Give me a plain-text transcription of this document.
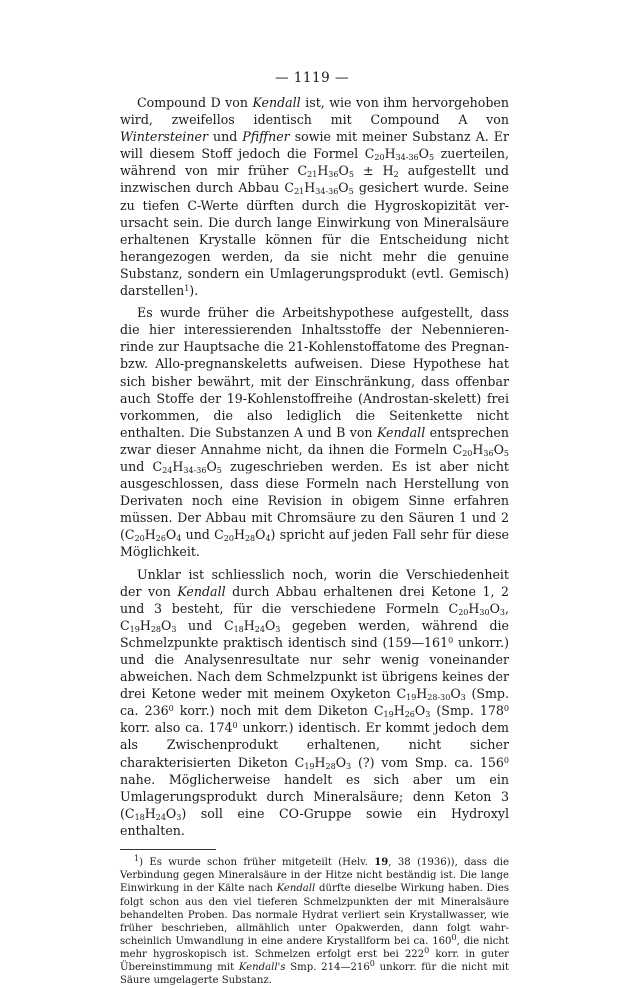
— 1119 —

Compound D von Kendall ist, wie von ihm hervorgehoben wird, zweifellos identisch mit Compound A von Wintersteiner und Pfiffner sowie mit meiner Substanz A. Er will diesem Stoff jedoch die Formel $C_{20}H_{34-36}O_5$ zuerteilen, während von mir früher $C_{21}H_{36}O_5 \pm H_2$ aufgestellt und inzwischen durch Abbau $C_{21}H_{34-36}O_5$ gesichert wurde. Seine zu tiefen C-Werte dürften durch die Hygroskopizität verursacht sein. Die durch lange Einwirkung von Mineralsäure erhaltenen Krystalle können für die Entscheidung nicht herangezogen werden, da sie nicht mehr die genuine Substanz, sondern ein Umlagerungsprodukt (evtl. Gemisch) darstellen$^1$).

Es wurde früher die Arbeitshypothese aufgestellt, dass die hier interessierenden Inhaltsstoffe der Nebennieren-rinde zur Hauptsache die 21-Kohlenstoffatome des Pregnan- bzw. Allo-pregnanskeletts aufweisen. Diese Hypothese hat sich bisher bewährt, mit der Einschränkung, dass offenbar auch Stoffe der 19-Kohlenstoffreihe (Androstan-skelett) frei vorkommen, die also lediglich die Seitenkette nicht enthalten. Die Substanzen A und B von Kendall entsprechen zwar dieser Annahme nicht, da ihnen die Formeln $C_{20}H_{36}O_5$ und $C_{24}H_{34-36}O_5$ zugeschrieben werden. Es ist aber nicht ausgeschlossen, dass diese Formeln nach Herstellung von Derivaten noch eine Revision in obigem Sinne erfahren müssen. Der Abbau mit Chromsäure zu den Säuren 1 und 2 ($C_{20}H_{26}O_4$ und $C_{20}H_{28}O_4$) spricht auf jeden Fall sehr für diese Möglichkeit.

Unklar ist schliesslich noch, worin die Verschiedenheit der von Kendall durch Abbau erhaltenen drei Ketone 1, 2 und 3 besteht, für die verschiedene Formeln $C_{20}H_{30}O_3$, $C_{19}H_{28}O_3$ und $C_{18}H_{24}O_3$ gegeben werden, während die Schmelzpunkte praktisch identisch sind ($159—161^0$ unkorr.) und die Analysenresultate nur sehr wenig voneinander abweichen. Nach dem Schmelzpunkt ist übrigens keines der drei Ketone weder mit meinem Oxyketon $C_{19}H_{28-30}O_3$ (Smp. ca. $236^0$ korr.) noch mit dem Diketon $C_{19}H_{26}O_3$ (Smp. $178^0$ korr. also ca. $174^0$ unkorr.) identisch. Er kommt jedoch dem als Zwischenprodukt erhaltenen, nicht sicher charakterisierten Diketon $C_{19}H_{28}O_3$ (?) vom Smp. ca. $156^0$ nahe. Möglicherweise handelt es sich aber um ein Umlagerungsprodukt durch Mineralsäure; denn Keton 3 $(C_{18}H_{24}O_3)$ soll eine CO-Gruppe sowie ein Hydroxyl enthalten.

$^1$) Es wurde schon früher mitgeteilt (Helv. 19, 38 (1936)), dass die Verbindung gegen Mineralsäure in der Hitze nicht beständig ist. Die lange Einwirkung in der Kälte nach Kendall dürfte dieselbe Wirkung haben. Dies folgt schon aus den viel tieferen Schmelzpunkten der mit Mineralsäure behandelten Proben. Das normale Hydrat verliert sein Krystallwasser, wie früher beschrieben, allmählich unter Opakwerden, dann folgt wahrscheinlich Umwandlung in eine andere Krystallform bei ca. $160^0$, die nicht mehr hygroskopisch ist. Schmelzen erfolgt erst bei $222^0$ korr. in guter Übereinstimmung mit Kendall's Smp. $214—216^0$ unkorr. für die nicht mit Säure umgelagerte Substanz.
